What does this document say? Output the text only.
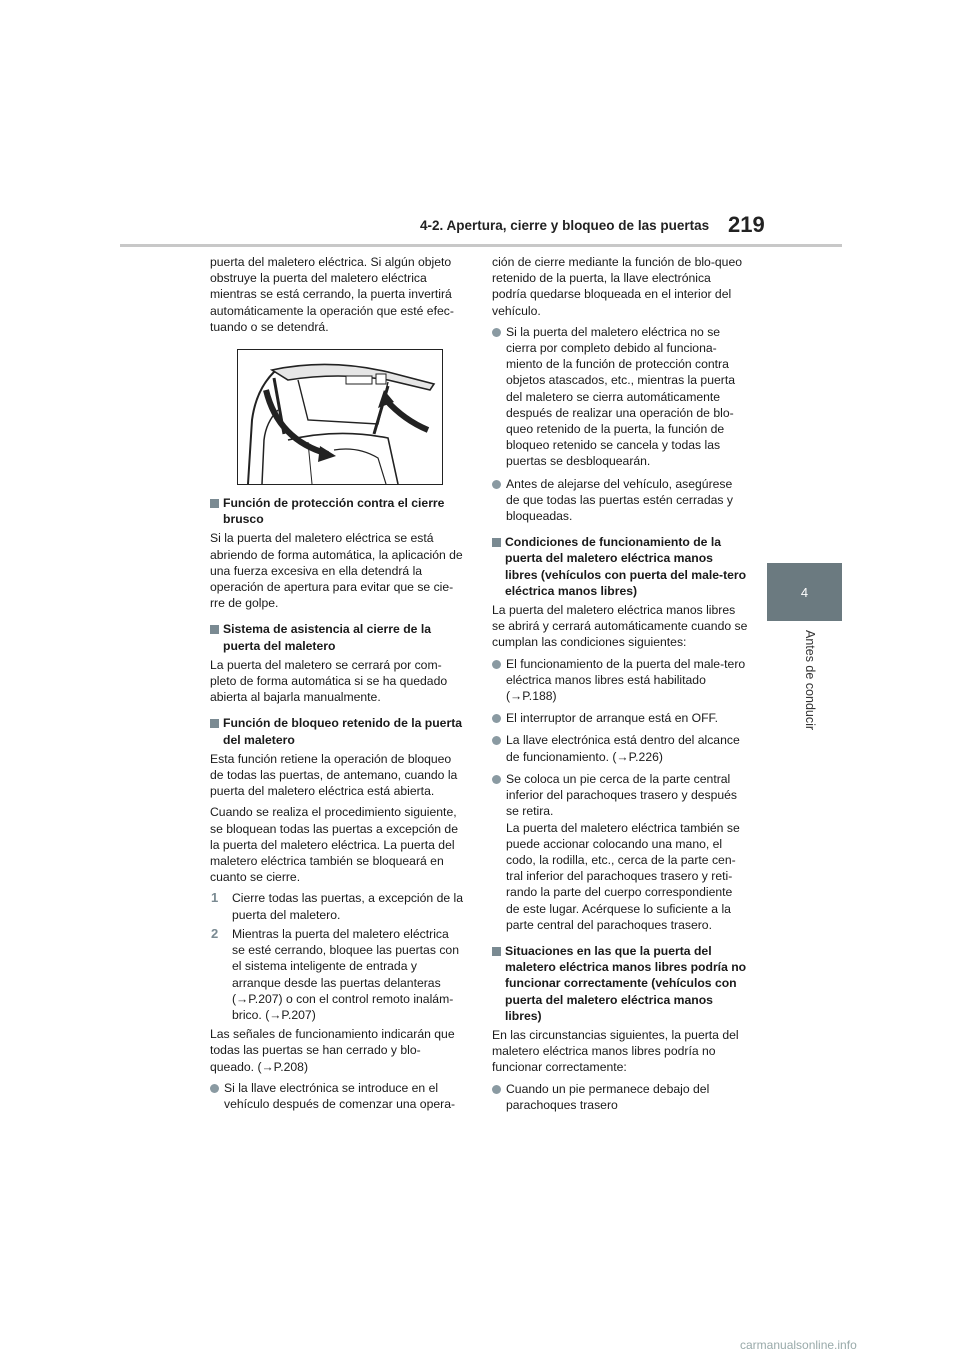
4-2. Apertura, cierre y bloqueo de las puertas 219
4
Antes de conducir

puerta del maletero eléctrica. Si algún objeto obstruye la puerta del maletero eléctrica mientras se está cerrando, la puerta invertirá automáticamente la operación que esté efec-tuando o se detendrá.

Función de protección contra el cierre brusco

Si la puerta del maletero eléctrica se está abriendo de forma automática, la aplicación de una fuerza excesiva en ella detendrá la operación de apertura para evitar que se cie-rre de golpe.

Sistema de asistencia al cierre de la puerta del maletero

La puerta del maletero se cerrará por com-pleto de forma automática si se ha quedado abierta al bajarla manualmente.

Función de bloqueo retenido de la puerta del maletero

Esta función retiene la operación de bloqueo de todas las puertas, de antemano, cuando la puerta del maletero eléctrica está abierta.

Cuando se realiza el procedimiento siguiente, se bloquean todas las puertas a excepción de la puerta del maletero eléctrica. La puerta del maletero eléctrica también se bloqueará en cuanto se cierre.

1 Cierre todas las puertas, a excepción de la puerta del maletero.
2 Mientras la puerta del maletero eléctrica se esté cerrando, bloquee las puertas con el sistema inteligente de entrada y arranque desde las puertas delanteras (→P.207) o con el control remoto inalám-brico. (→P.207)

Las señales de funcionamiento indicarán que todas las puertas se han cerrado y blo-queado. (→P.208)

Si la llave electrónica se introduce en el vehículo después de comenzar una opera-

ción de cierre mediante la función de blo-queo retenido de la puerta, la llave electrónica podría quedarse bloqueada en el interior del vehículo.

Si la puerta del maletero eléctrica no se cierra por completo debido al funciona-miento de la función de protección contra objetos atascados, etc., mientras la puerta del maletero se cierra automáticamente después de realizar una operación de blo-queo retenido de la puerta, la función de bloqueo retenido se cancela y todas las puertas se desbloquearán.
Antes de alejarse del vehículo, asegúrese de que todas las puertas estén cerradas y bloqueadas.
Condiciones de funcionamiento de la puerta del maletero eléctrica manos libres (vehículos con puerta del male-tero eléctrica manos libres)

La puerta del maletero eléctrica manos libres se abrirá y cerrará automáticamente cuando se cumplan las condiciones siguientes:

El funcionamiento de la puerta del male-tero eléctrica manos libres está habilitado (→P.188)
El interruptor de arranque está en OFF.
La llave electrónica está dentro del alcance de funcionamiento. (→P.226)
Se coloca un pie cerca de la parte central inferior del parachoques trasero y después se retira.
La puerta del maletero eléctrica también se puede accionar colocando una mano, el codo, la rodilla, etc., cerca de la parte cen-tral inferior del parachoques trasero y reti-rando la parte del cuerpo correspondiente de este lugar. Acérquese lo suficiente a la parte central del parachoques trasero.
Situaciones en las que la puerta del maletero eléctrica manos libres podría no funcionar correctamente (vehículos con puerta del maletero eléctrica manos libres)

En las circunstancias siguientes, la puerta del maletero eléctrica manos libres podría no funcionar correctamente:

Cuando un pie permanece debajo del parachoques trasero
carmanualsonline.info
